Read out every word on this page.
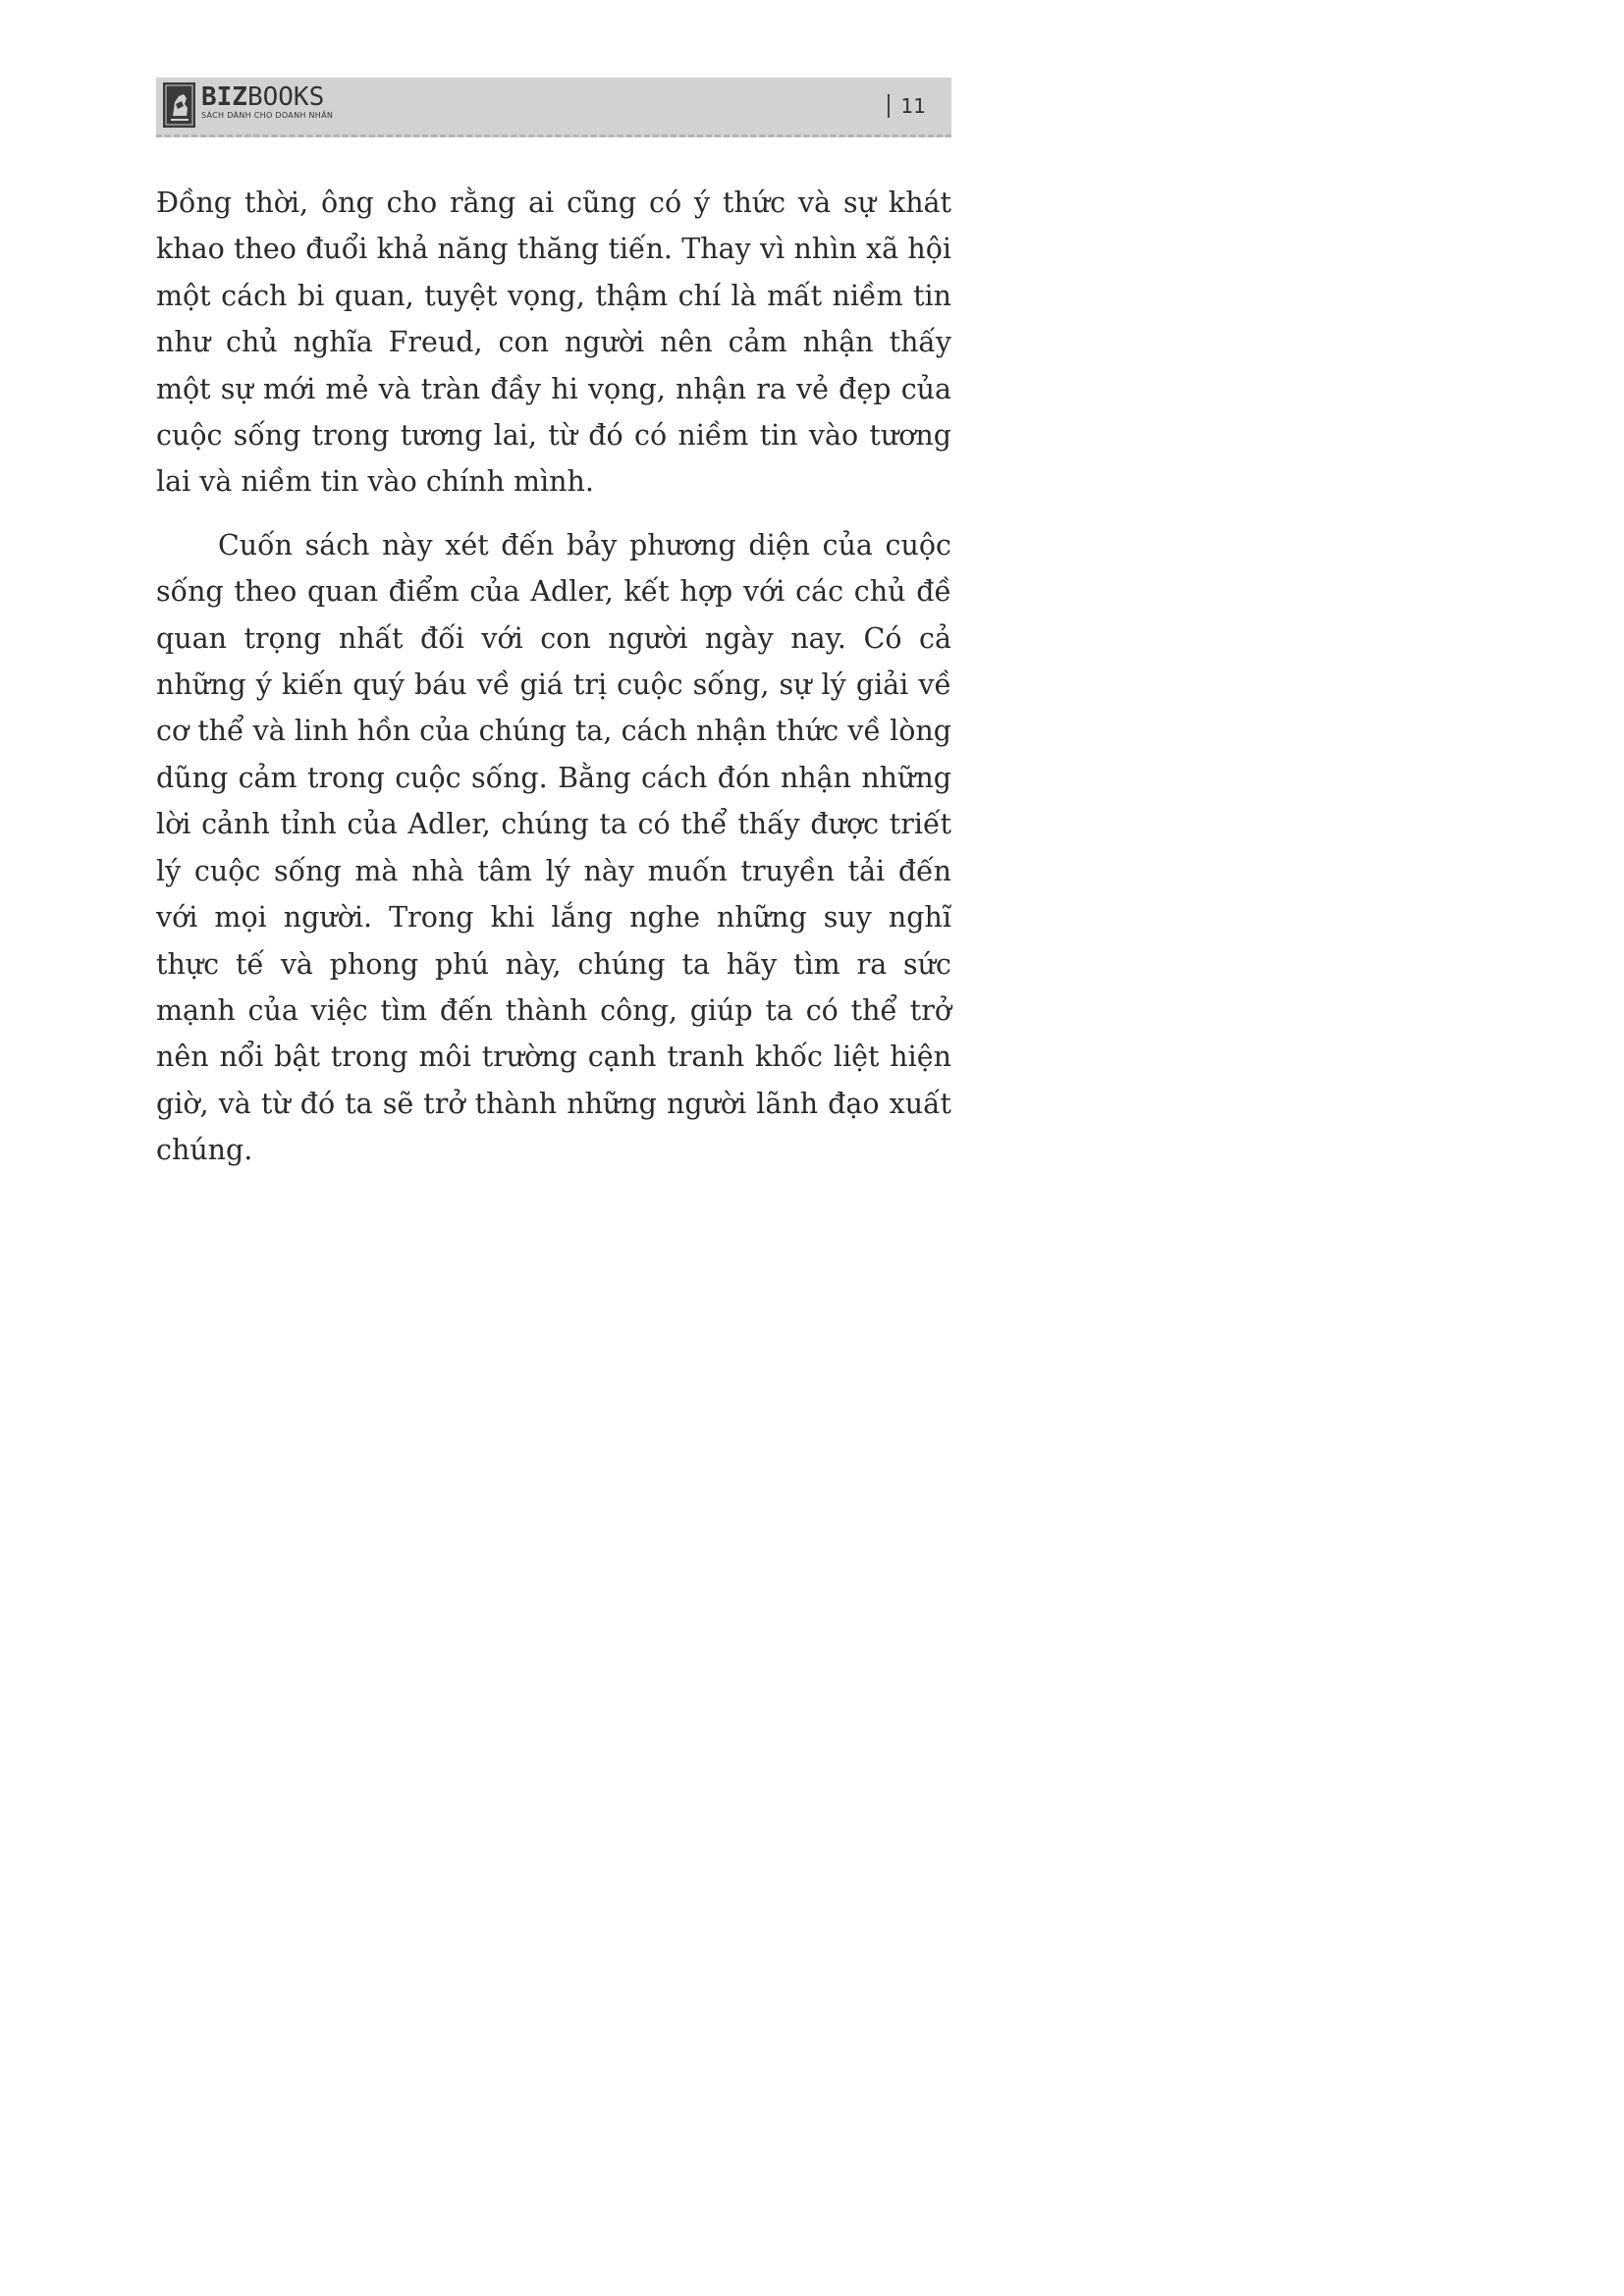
BIZBOOKS
SÁCH DÀNH CHO DOANH NHÂN	11

Đồng thời, ông cho rằng ai cũng có ý thức và sự khát khao theo đuổi khả năng thăng tiến. Thay vì nhìn xã hội một cách bi quan, tuyệt vọng, thậm chí là mất niềm tin như chủ nghĩa Freud, con người nên cảm nhận thấy một sự mới mẻ và tràn đầy hi vọng, nhận ra vẻ đẹp của cuộc sống trong tương lai, từ đó có niềm tin vào tương lai và niềm tin vào chính mình.

Cuốn sách này xét đến bảy phương diện của cuộc sống theo quan điểm của Adler, kết hợp với các chủ đề quan trọng nhất đối với con người ngày nay. Có cả những ý kiến quý báu về giá trị cuộc sống, sự lý giải về cơ thể và linh hồn của chúng ta, cách nhận thức về lòng dũng cảm trong cuộc sống. Bằng cách đón nhận những lời cảnh tỉnh của Adler, chúng ta có thể thấy được triết lý cuộc sống mà nhà tâm lý này muốn truyền tải đến với mọi người. Trong khi lắng nghe những suy nghĩ thực tế và phong phú này, chúng ta hãy tìm ra sức mạnh của việc tìm đến thành công, giúp ta có thể trở nên nổi bật trong môi trường cạnh tranh khốc liệt hiện giờ, và từ đó ta sẽ trở thành những người lãnh đạo xuất chúng.
